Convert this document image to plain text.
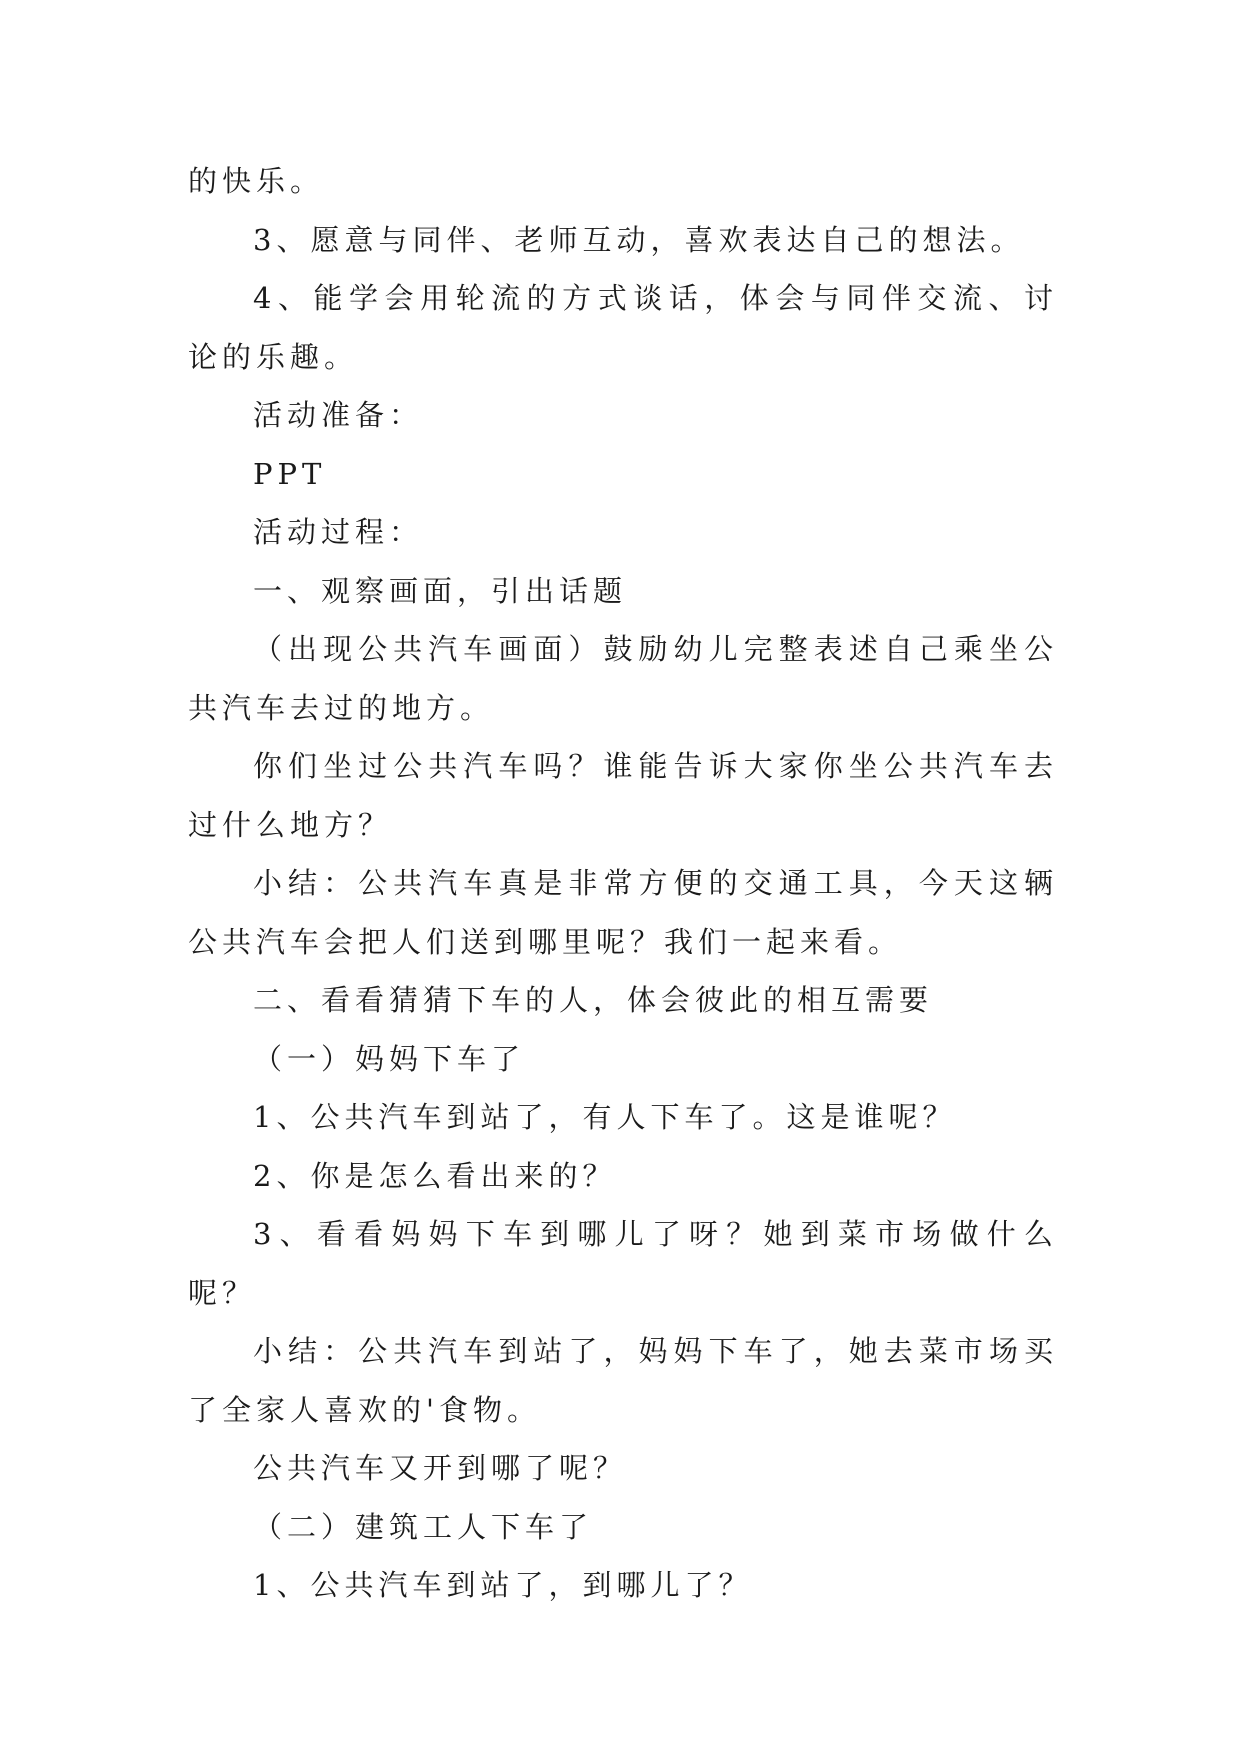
的快乐。

3、愿意与同伴、老师互动，喜欢表达自己的想法。

4、能学会用轮流的方式谈话，体会与同伴交流、讨论的乐趣。

活动准备：

PPT

活动过程：

一、观察画面，引出话题

（出现公共汽车画面）鼓励幼儿完整表述自己乘坐公共汽车去过的地方。

你们坐过公共汽车吗？谁能告诉大家你坐公共汽车去过什么地方？

小结：公共汽车真是非常方便的交通工具，今天这辆公共汽车会把人们送到哪里呢？我们一起来看。

二、看看猜猜下车的人，体会彼此的相互需要

（一）妈妈下车了

1、公共汽车到站了，有人下车了。这是谁呢？

2、你是怎么看出来的？

3、看看妈妈下车到哪儿了呀？她到菜市场做什么呢？

小结：公共汽车到站了，妈妈下车了，她去菜市场买了全家人喜欢的'食物。

公共汽车又开到哪了呢？

（二）建筑工人下车了

1、公共汽车到站了，到哪儿了？
